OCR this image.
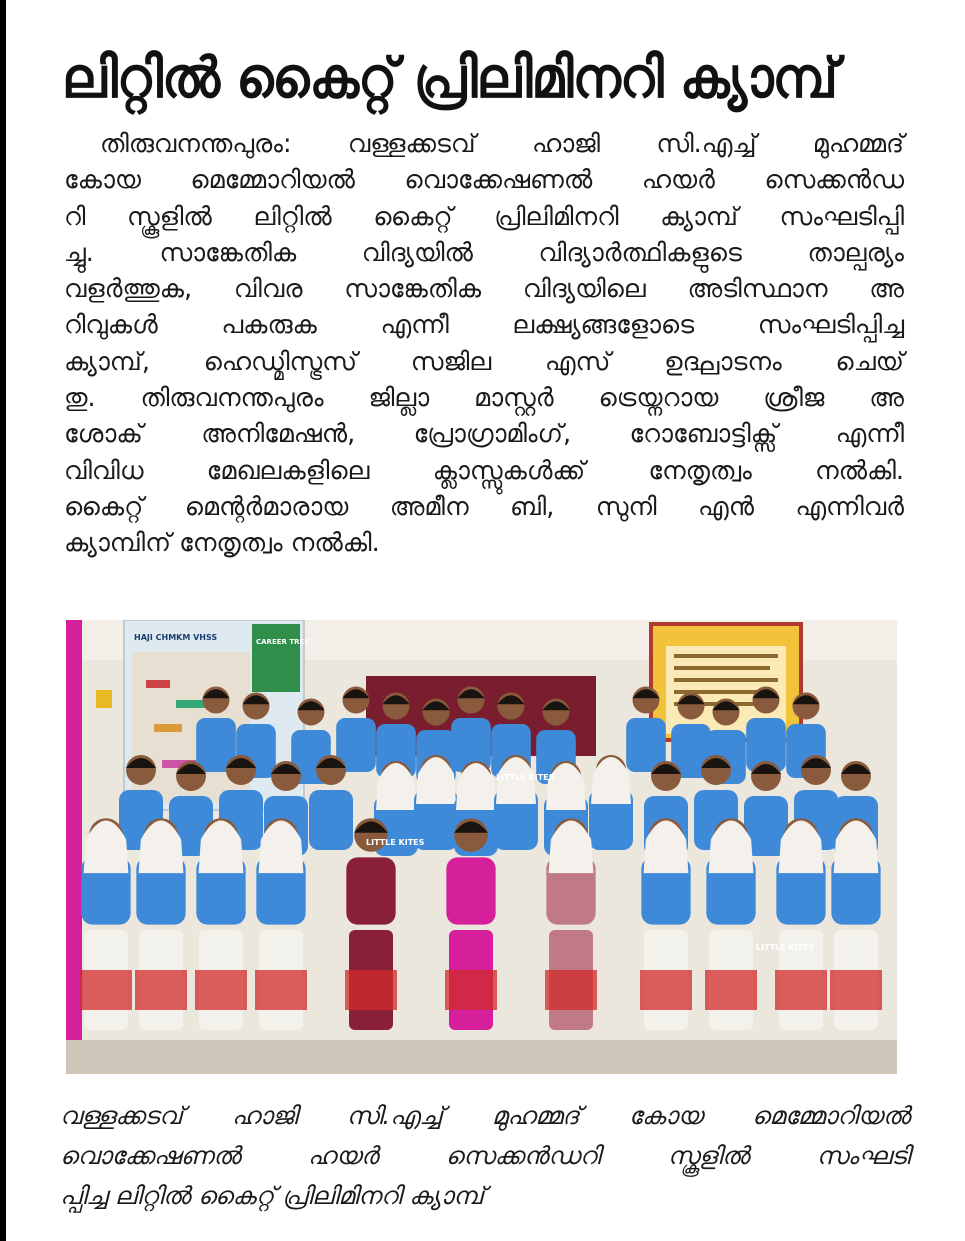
ലിറ്റിൽ കൈറ്റ് പ്രിലിമിനറി ക്യാമ്പ്
തിരുവനന്തപുരം: വള്ളക്കടവ് ഹാജി സി.എച്ച് മുഹമ്മദ്
കോയ മെമ്മോറിയൽ വൊക്കേഷണൽ ഹയർ സെക്കൻഡ
റി സ്കൂളിൽ ലിറ്റിൽ കൈറ്റ് പ്രിലിമിനറി ക്യാമ്പ് സംഘടിപ്പി
ച്ചു. സാങ്കേതിക വിദ്യയിൽ വിദ്യാർത്ഥികളുടെ താല്പര്യം
വളർത്തുക, വിവര സാങ്കേതിക വിദ്യയിലെ അടിസ്ഥാന അ
റിവുകൾ പകരുക എന്നീ ലക്ഷ്യങ്ങളോടെ സംഘടിപ്പിച്ച
ക്യാമ്പ്, ഹെഡ്മിസ്ട്രസ് സജില എസ് ഉദ്ഘാടനം ചെയ്
തു. തിരുവനന്തപുരം ജില്ലാ മാസ്റ്റർ ട്രെയ്നറായ ശ്രീജ അ
ശോക് അനിമേഷൻ, പ്രോഗ്രാമിംഗ്, റോബോട്ടിക്സ് എന്നീ
വിവിധ മേഖലകളിലെ ക്ലാസ്സുകൾക്ക് നേതൃത്വം നൽകി.
കൈറ്റ് മെന്റർമാരായ അമീന ബി, സുനി എൻ എന്നിവർ
ക്യാമ്പിന് നേതൃത്വം നൽകി.
HAJI CHMKM VHSS	CAREER TREE
LITTLE KITES
LITTLE KITES
LITTLE KITES
വള്ളക്കടവ് ഹാജി സി.എച്ച് മുഹമ്മദ് കോയ മെമ്മോറിയൽ
വൊക്കേഷണൽ ഹയർ സെക്കൻഡറി സ്കൂളിൽ സംഘടി
പ്പിച്ച ലിറ്റിൽ കൈറ്റ് പ്രിലിമിനറി ക്യാമ്പ്
